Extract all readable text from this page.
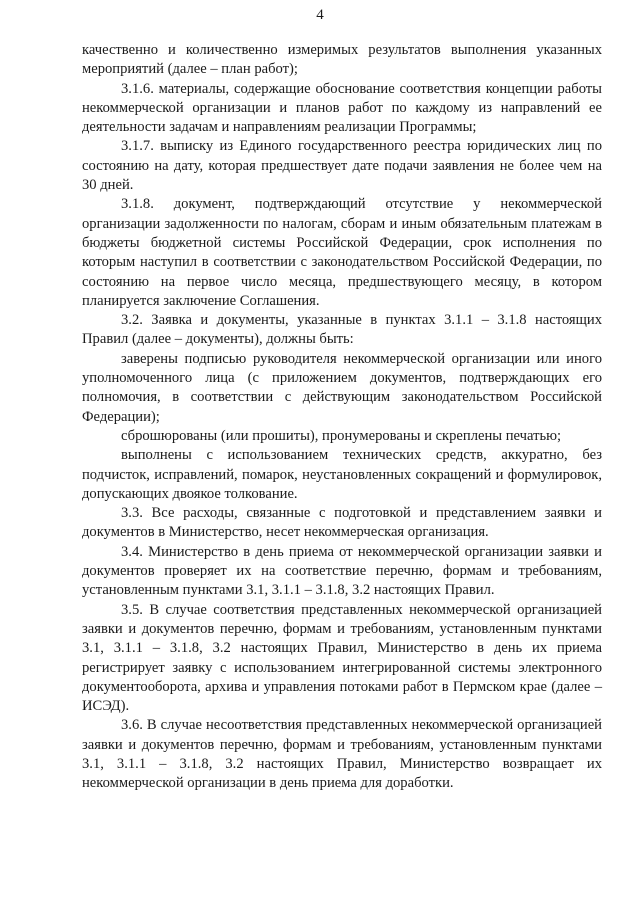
4

качественно и количественно измеримых результатов выполнения указанных мероприятий (далее – план работ);

3.1.6. материалы, содержащие обоснование соответствия концепции работы некоммерческой организации и планов работ по каждому из направлений ее деятельности задачам и направлениям реализации Программы;

3.1.7. выписку из Единого государственного реестра юридических лиц по состоянию на дату, которая предшествует дате подачи заявления не более чем на 30 дней.

3.1.8. документ, подтверждающий отсутствие у некоммерческой организации задолженности по налогам, сборам и иным обязательным платежам в бюджеты бюджетной системы Российской Федерации, срок исполнения по которым наступил в соответствии с законодательством Российской Федерации, по состоянию на первое число месяца, предшествующего месяцу, в котором планируется заключение Соглашения.

3.2. Заявка и документы, указанные в пунктах 3.1.1 – 3.1.8 настоящих Правил (далее – документы), должны быть:

заверены подписью руководителя некоммерческой организации или иного уполномоченного лица (с приложением документов, подтверждающих его полномочия, в соответствии с действующим законодательством Российской Федерации);

сброшюрованы (или прошиты), пронумерованы и скреплены печатью;

выполнены с использованием технических средств, аккуратно, без подчисток, исправлений, помарок, неустановленных сокращений и формулировок, допускающих двоякое толкование.

3.3. Все расходы, связанные с подготовкой и представлением заявки и документов в Министерство, несет некоммерческая организация.

3.4. Министерство в день приема от некоммерческой организации заявки и документов проверяет их на соответствие перечню, формам и требованиям, установленным пунктами 3.1, 3.1.1 – 3.1.8, 3.2 настоящих Правил.

3.5. В случае соответствия представленных некоммерческой организацией заявки и документов перечню, формам и требованиям, установленным пунктами 3.1, 3.1.1 – 3.1.8, 3.2 настоящих Правил, Министерство в день их приема регистрирует заявку с использованием интегрированной системы электронного документооборота, архива и управления потоками работ в Пермском крае (далее – ИСЭД).

3.6. В случае несоответствия представленных некоммерческой организацией заявки и документов перечню, формам и требованиям, установленным пунктами 3.1, 3.1.1 – 3.1.8, 3.2 настоящих Правил, Министерство возвращает их некоммерческой организации в день приема для доработки.
